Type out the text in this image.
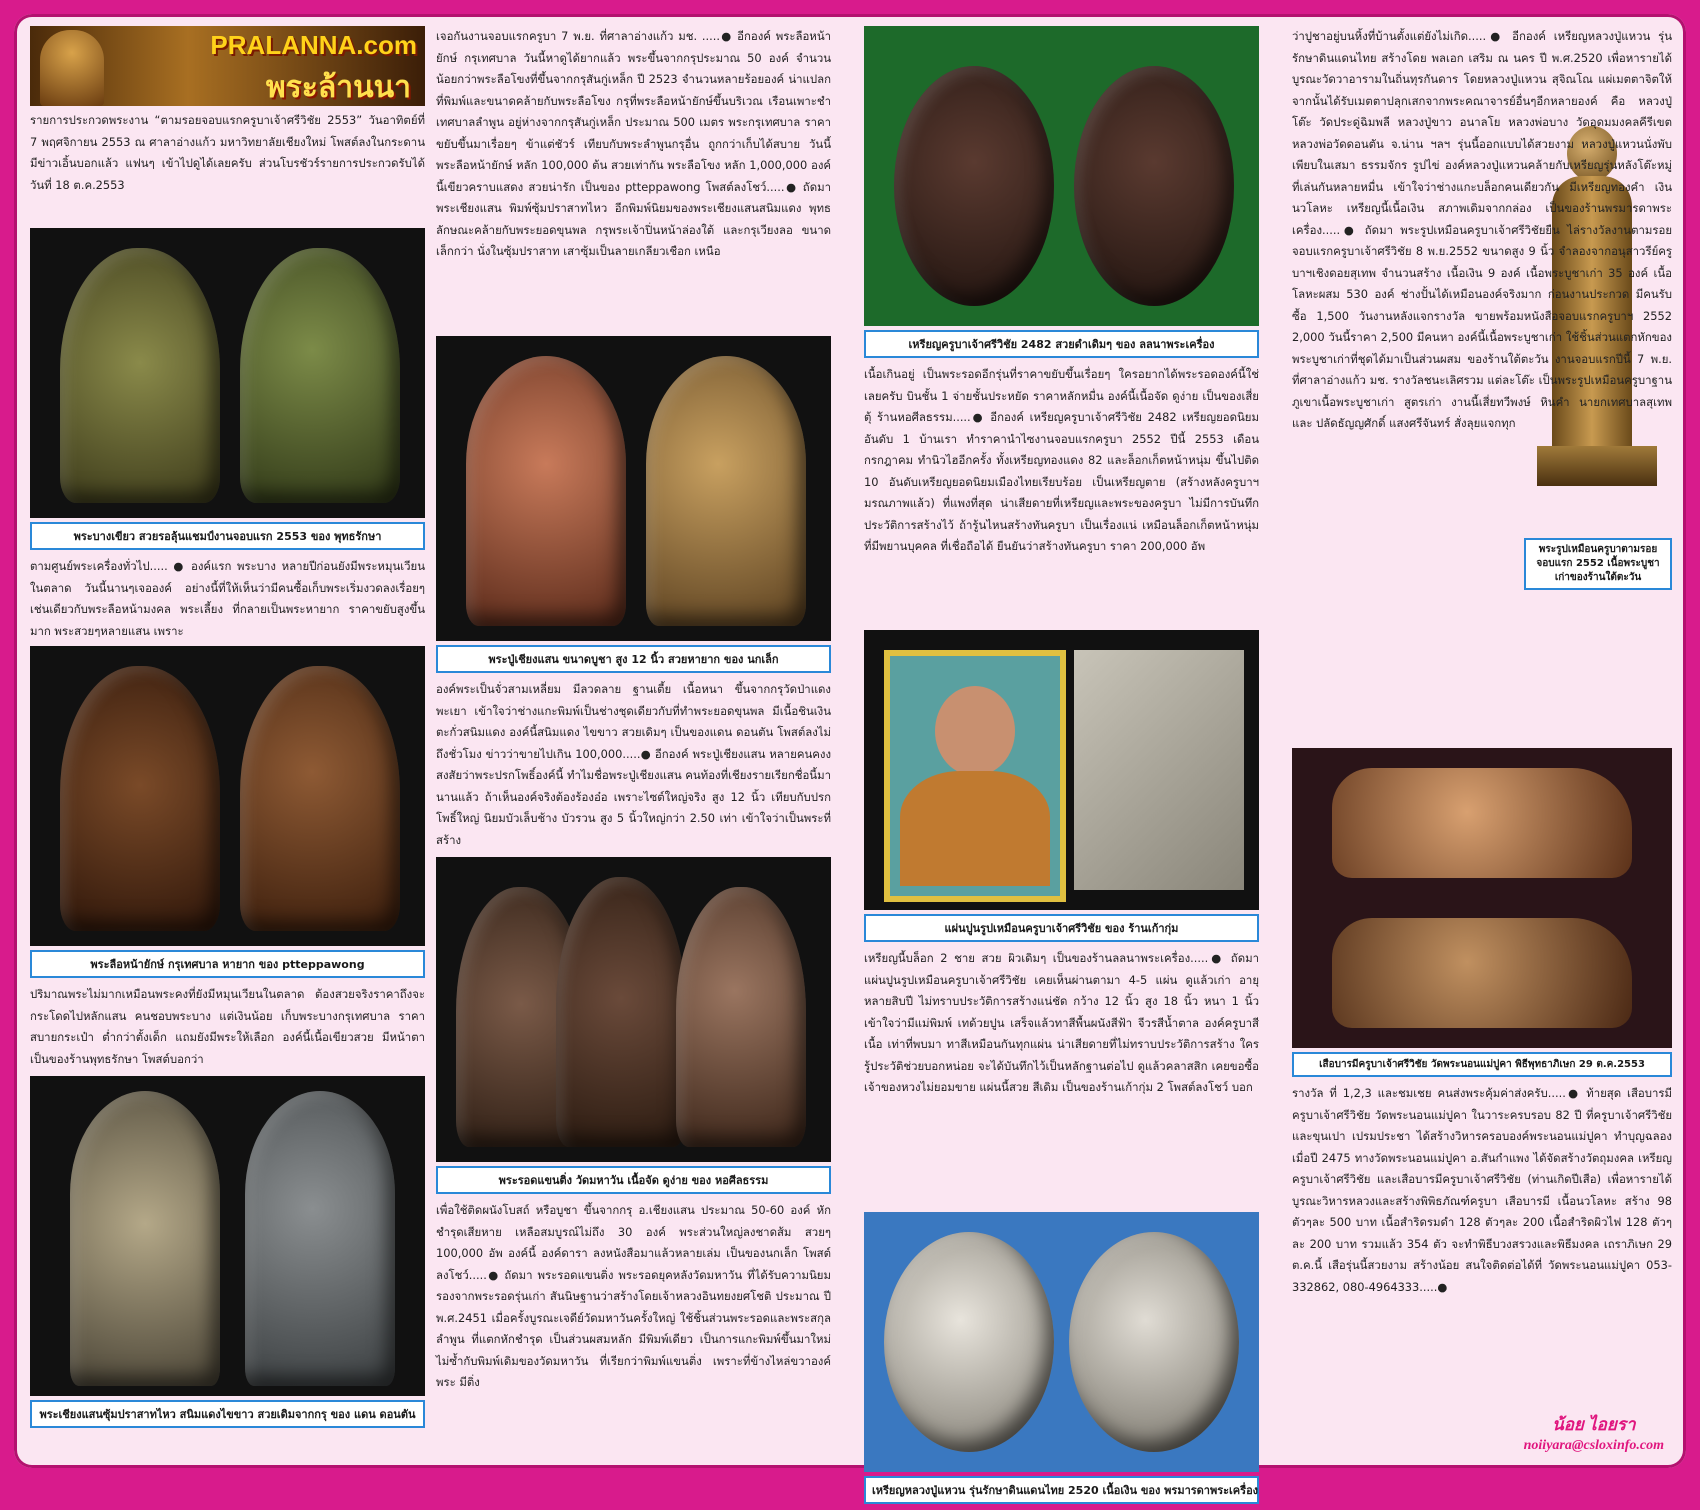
PRALANNA.com
พระล้านนา

รายการประกวดพระงาน “ตามรอยจอบแรกครูบาเจ้าศรีวิชัย 2553” วันอาทิตย์ที่ 7 พฤศจิกายน 2553 ณ ศาลาอ่างแก้ว มหาวิทยาลัยเชียงใหม่ โพสต์ลงในกระดานมีข่าวเอิ้นบอกแล้ว แฟนๆ เข้าไปดูได้เลยครับ ส่วนโบรชัวร์รายการประกวดรับได้วันที่ 18 ต.ค.2553

พระบางเขียว สวยรอลุ้นแชมป์งานจอบแรก 2553 ของ พุทธรักษา

ตามศูนย์พระเครื่องทั่วไป..... ● องค์แรก พระบาง หลายปีก่อนยังมีพระหมุนเวียนในตลาด วันนี้นานๆเจอองค์ อย่างนี้ที่ให้เห็นว่ามีคนซื้อเก็บพระเริ่มงวดลงเรื่อยๆ เช่นเดียวกับพระลือหน้ามงคล พระเลี้ยง ที่กลายเป็นพระหายาก ราคาขยับสูงขึ้นมาก พระสวยๆหลายแสน เพราะ

พระลือหน้ายักษ์ กรุเทศบาล หายาก ของ ptteppawong

ปริมาณพระไม่มากเหมือนพระคงที่ยังมีหมุนเวียนในตลาด ต้องสวยจริงราคาถึงจะกระโดดไปหลักแสน คนชอบพระบาง แต่เงินน้อย เก็บพระบางกรุเทศบาล ราคาสบายกระเป๋า ต่ำกว่าตั้งเด็ก แถมยังมีพระให้เลือก องค์นี้เนื้อเขียวสวย มีหน้าตา เป็นของร้านพุทธรักษา โพสต์บอกว่า

พระเชียงแสนซุ้มปราสาทไหว สนิมแดงไขขาว สวยเดิมจากกรุ ของ แดน ดอนตัน

เจอกันงานจอบแรกครูบา 7 พ.ย. ที่ศาลาอ่างแก้ว มช. .....● อีกองค์ พระลือหน้ายักษ์ กรุเทศบาล วันนี้หาดูได้ยากแล้ว พระขึ้นจากกรุประมาณ 50 องค์ จำนวนน้อยกว่าพระลือโขงที่ขึ้นจากกรุสันกู่เหล็ก ปี 2523 จำนวนหลายร้อยองค์ น่าแปลกที่พิมพ์และขนาดคล้ายกับพระลือโขง กรุที่พระลือหน้ายักษ์ขึ้นบริเวณ เรือนเพาะชำเทศบาลลำพูน อยู่ห่างจากกรุสันกู่เหล็ก ประมาณ 500 เมตร พระกรุเทศบาล ราคาขยับขึ้นมาเรื่อยๆ ข้าแต่ชัวร์ เทียบกับพระลำพูนกรุอื่น ถูกกว่าเก็บได้สบาย วันนี้พระลือหน้ายักษ์ หลัก 100,000 ต้น สวยเท่ากัน พระลือโขง หลัก 1,000,000 องค์นี้เขียวคราบแสดง สวยน่ารัก เป็นของ ptteppawong โพสต์ลงโชว์.....● ถัดมา พระเชียงแสน พิมพ์ซุ้มปราสาทไหว อีกพิมพ์นิยมของพระเชียงแสนสนิมแดง พุทธลักษณะคล้ายกับพระยอดขุนพล กรุพระเจ้าปิ่นหน้าล่องใต้ และกรุเวียงลอ ขนาดเล็กกว่า นั่งในซุ้มปราสาท เสาซุ้มเป็นลายเกลียวเชือก เหนือ

พระปู่เชียงแสน ขนาดบูชา สูง 12 นิ้ว สวยหายาก ของ นกเล็ก

องค์พระเป็นจั่วสามเหลี่ยม มีลวดลาย ฐานเตี้ย เนื้อหนา ขึ้นจากกรุวัดป่าแดง พะเยา เข้าใจว่าช่างแกะพิมพ์เป็นช่างชุดเดียวกับที่ทำพระยอดขุนพล มีเนื้อชินเงิน ตะกั่วสนิมแดง องค์นี้สนิมแดง ไขขาว สวยเดิมๆ เป็นของแดน ดอนตัน โพสต์ลงไม่ถึงชั่วโมง ข่าวว่าขายไปเกิน 100,000.....● อีกองค์ พระปู่เชียงแสน หลายคนคงงสงสัยว่าพระปรกโพธิ์องค์นี้ ทำไมชื่อพระปู่เชียงแสน คนท้องที่เชียงรายเรียกชื่อนี้มานานแล้ว ถ้าเห็นองค์จริงต้องร้องอ๋อ เพราะไซต์ใหญ่จริง สูง 12 นิ้ว เทียบกับปรกโพธิ์ใหญ่ นิยมบัวเล็บช้าง บัวรวน สูง 5 นิ้วใหญ่กว่า 2.50 เท่า เข้าใจว่าเป็นพระที่สร้าง

พระรอดแขนติ่ง วัดมหาวัน เนื้อจัด ดูง่าย ของ หอศีลธรรม

เพื่อใช้ติดผนังโบสถ์ หรือบูชา ขึ้นจากกรุ อ.เชียงแสน ประมาณ 50-60 องค์ หักชำรุดเสียหาย เหลือสมบูรณ์ไม่ถึง 30 องค์ พระส่วนใหญ่ลงชาดส้ม สวยๆ 100,000 อัพ องค์นี้ องค์ดารา ลงหนังสือมาแล้วหลายเล่ม เป็นของนกเล็ก โพสต์ลงโชว์.....● ถัดมา พระรอดแขนติ่ง พระรอดยุคหลังวัดมหาวัน ที่ได้รับความนิยมรองจากพระรอดรุ่นเก่า สันนิษฐานว่าสร้างโดยเจ้าหลวงอินทยงยศโชติ ประมาณ ปี พ.ศ.2451 เมื่อครั้งบูรณะเจดีย์วัดมหาวันครั้งใหญ่ ใช้ชิ้นส่วนพระรอดและพระสกุลลำพูน ที่แตกหักชำรุด เป็นส่วนผสมหลัก มีพิมพ์เดียว เป็นการแกะพิมพ์ขึ้นมาใหม่ ไม่ซ้ำกับพิมพ์เดิมของวัดมหาวัน ที่เรียกว่าพิมพ์แขนติ่ง เพราะที่ข้างไหล่ขวาองค์พระ มีติ่ง

เหรียญครูบาเจ้าศรีวิชัย 2482 สวยดำเดิมๆ ของ ลลนาพระเครื่อง

เนื้อเกินอยู่ เป็นพระรอดอีกรุ่นที่ราคาขยับขึ้นเรื่อยๆ ใครอยากได้พระรอดองค์นี้ใช่เลยครับ บินชั้น 1 จ่ายชั้นประหยัด ราคาหลักหมื่น องค์นี้เนื้อจัด ดูง่าย เป็นของเสี่ยตุ้ ร้านหอศีลธรรม.....● อีกองค์ เหรียญครูบาเจ้าศรีวิชัย 2482 เหรียญยอดนิยมอันดับ 1 บ้านเรา ทำราคานำไซงานจอบแรกครูบา 2552 ปีนี้ 2553 เดือนกรกฎาคม ทำนิวไฮอีกครั้ง ทั้งเหรียญทองแดง 82 และล็อกเก็ตหน้าหนุ่ม ขึ้นไปติด 10 อันดับเหรียญยอดนิยมเมืองไทยเรียบร้อย เป็นเหรียญตาย (สร้างหลังครูบาฯมรณภาพแล้ว) ที่แพงที่สุด น่าเสียดายที่เหรียญและพระของครูบา ไม่มีการบันทึกประวัติการสร้างไว้ ถ้ารู้นไหนสร้างทันครูบา เป็นเรื่องแน่ เหมือนล็อกเก็ตหน้าหนุ่มที่มีพยานบุคคล ที่เชื่อถือได้ ยืนยันว่าสร้างทันครูบา ราคา 200,000 อัพ

แผ่นปูนรูปเหมือนครูบาเจ้าศรีวิชัย ของ ร้านเก้ากุ่ม

เหรียญนี้บล็อก 2 ชาย สวย ผิวเดิมๆ เป็นของร้านลลนาพระเครื่อง.....● ถัดมา แผ่นปูนรูปเหมือนครูบาเจ้าศรีวิชัย เคยเห็นผ่านตามา 4-5 แผ่น ดูแล้วเก่า อายุหลายสิบปี ไม่ทราบประวัติการสร้างแน่ชัด กว้าง 12 นิ้ว สูง 18 นิ้ว หนา 1 นิ้ว เข้าใจว่ามีแม่พิมพ์ เทด้วยปูน เสร็จแล้วทาสีพื้นผนังสีฟ้า จีวรสีน้ำตาล องค์ครูบาสีเนื้อ เท่าที่พบมา ทาสีเหมือนกันทุกแผ่น น่าเสียดายที่ไม่ทราบประวัติการสร้าง ใครรู้ประวัติช่วยบอกหน่อย จะได้บันทึกไว้เป็นหลักฐานต่อไป ดูแล้วคลาสสิก เคยขอซื้อ เจ้าของหวงไม่ยอมขาย แผ่นนี้สวย สีเดิม เป็นของร้านเก้ากุ่ม 2 โพสต์ลงโชว์ บอก

เหรียญหลวงปู่แหวน รุ่นรักษาดินแดนไทย 2520 เนื้อเงิน ของ พรมารดาพระเครื่อง

ว่าปูชาอยู่บนหิ้งที่บ้านตั้งแต่ยังไม่เกิด.....● อีกองค์ เหรียญหลวงปู่แหวน รุ่นรักษาดินแดนไทย สร้างโดย พลเอก เสริม ณ นคร ปี พ.ศ.2520 เพื่อหารายได้บูรณะวัดวาอารามในถิ่นทุรกันดาร โดยหลวงปู่แหวน สุจิณโณ แผ่เมตตาจิตให้ จากนั้นได้รับเมตตาปลุกเสกจากพระคณาจารย์อื่นๆอีกหลายองค์ คือ หลวงปู่โต๊ะ วัดประดู่ฉิมพลี หลวงปู่ขาว อนาลโย หลวงพ่อบาง วัดอุดมมงคลคีรีเขต หลวงพ่อวัดดอนตัน จ.น่าน ฯลฯ รุ่นนี้ออกแบบได้สวยงาม หลวงปู่แหวนนั่งพับเพียบในเสมา ธรรมจักร รูปไข่ องค์หลวงปู่แหวนคล้ายกับเหรียญรุ่นหลังโต๊ะหมู่ ที่เล่นกันหลายหมื่น เข้าใจว่าช่างแกะบล็อกคนเดียวกัน มีเหรียญทองคำ เงิน นวโลหะ เหรียญนี้เนื้อเงิน สภาพเดิมจากกล่อง เป็นของร้านพรมารดาพระเครื่อง.....● ถัดมา พระรูปเหมือนครูบาเจ้าศรีวิชัยยืน ไล่รางวัลงานตามรอยจอบแรกครูบาเจ้าศรีวิชัย 8 พ.ย.2552 ขนาดสูง 9 นิ้ว จำลองจากอนุสาวรีย์ครูบาฯเชิงดอยสุเทพ จำนวนสร้าง เนื้อเงิน 9 องค์ เนื้อพระบูชาเก่า 35 องค์ เนื้อโลหะผสม 530 องค์ ช่างปั้นได้เหมือนองค์จริงมาก ก่อนงานประกวด มีคนรับซื้อ 1,500 วันงานหลังแจกรางวัล ขายพร้อมหนังสือจอบแรกครูบาฯ 2552 2,000 วันนี้ราคา 2,500 มีคนหา องค์นี้เนื้อพระบูชาเก่า ใช้ชิ้นส่วนแตกหักของพระบูชาเก่าที่ชุดได้มาเป็นส่วนผสม ของร้านใต้ตะวัน งานจอบแรกปีนี้ 7 พ.ย. ที่ศาลาอ่างแก้ว มช. รางวัลชนะเลิศรวม แต่ละโต๊ะ เป็นพระรูปเหมือนครูบาฐานภูเขาเนื้อพระบูชาเก่า สูตรเก่า งานนี้เสี่ยทวีพงษ์ หินคำ นายกเทศบาลสุเทพ และ ปลัดธัญญศักดิ์ แสงศรีจันทร์ สั่งลุยแจกทุก

พระรูปเหมือนครูบาตามรอยจอบแรก 2552 เนื้อพระบูชาเก่าของร้านใต้ตะวัน
เสือบารมีครูบาเจ้าศรีวิชัย วัดพระนอนแม่ปูคา พิธีพุทธาภิเษก 29 ต.ค.2553

รางวัล ที่ 1,2,3 และชมเชย คนส่งพระคุ้มค่าส่งครับ.....● ท้ายสุด เสือบารมี ครูบาเจ้าศรีวิชัย วัดพระนอนแม่ปูคา ในวาระครบรอบ 82 ปี ที่ครูบาเจ้าศรีวิชัย และขุนเปา เปรมประชา ได้สร้างวิหารครอบองค์พระนอนแม่ปูคา ทำบุญฉลองเมื่อปี 2475 ทางวัดพระนอนแม่ปูคา อ.สันกำแพง ได้จัดสร้างวัตถุมงคล เหรียญครูบาเจ้าศรีวิชัย และเสือบารมีครูบาเจ้าศรีวิชัย (ท่านเกิดปีเสือ) เพื่อหารายได้บูรณะวิหารหลวงและสร้างพิพิธภัณฑ์ครูบา เสือบารมี เนื้อนวโลหะ สร้าง 98 ตัวๆละ 500 บาท เนื้อสำริดรมดำ 128 ตัวๆละ 200 เนื้อสำริดผิวไฟ 128 ตัวๆละ 200 บาท รวมแล้ว 354 ตัว จะทำพิธีบวงสรวงและพิธีมงคล เถราภิเษก 29 ต.ค.นี้ เสือรุ่นนี้สวยงาม สร้างน้อย สนใจติดต่อได้ที่ วัดพระนอนแม่ปูคา 053-332862, 080-4964333.....●

น้อย ไอยรา
noiiyara@csloxinfo.com
